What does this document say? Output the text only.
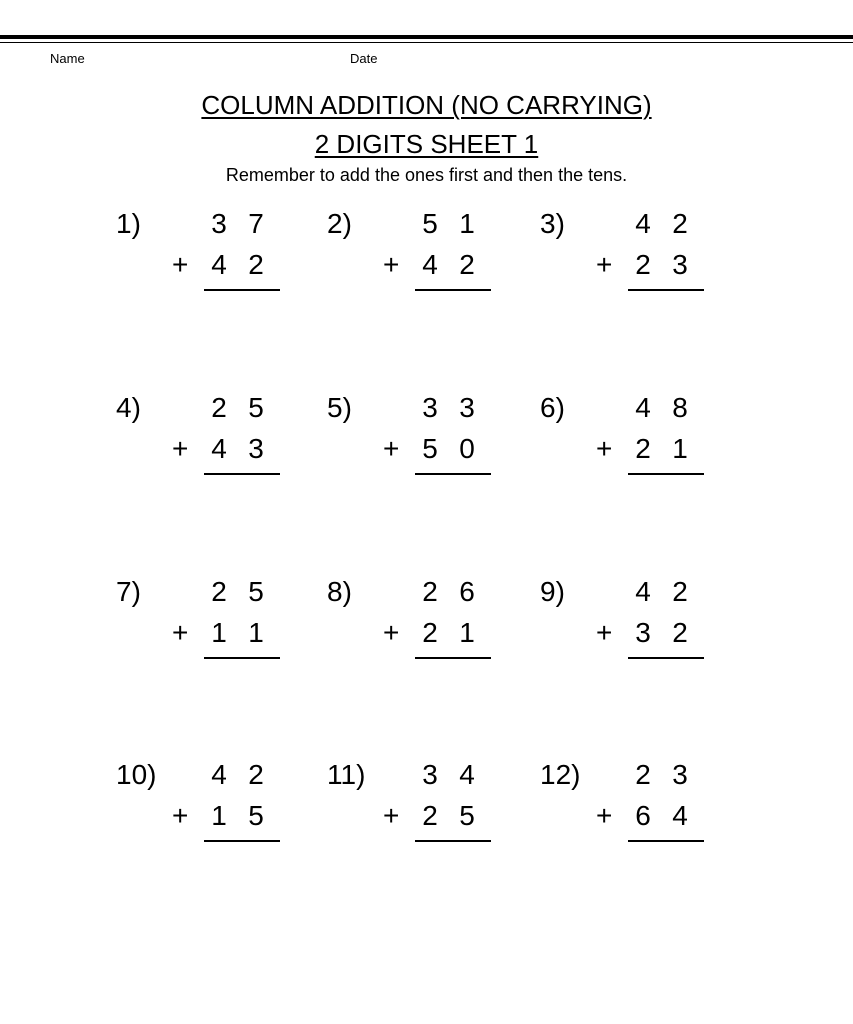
Name	Date
COLUMN ADDITION (NO CARRYING)
2 DIGITS SHEET 1
Remember to add the ones first and then the tens.
1)	3 7
+ 4 2
2)	5 1
+ 4 2
3)	4 2
+ 2 3
4)	2 5
+ 4 3
5)	3 3
+ 5 0
6)	4 8
+ 2 1
7)	2 5
+ 1 1
8)	2 6
+ 2 1
9)	4 2
+ 3 2
10) 4 2
+ 1 5
11) 3 4
+ 2 5
12) 2 3
+ 6 4
